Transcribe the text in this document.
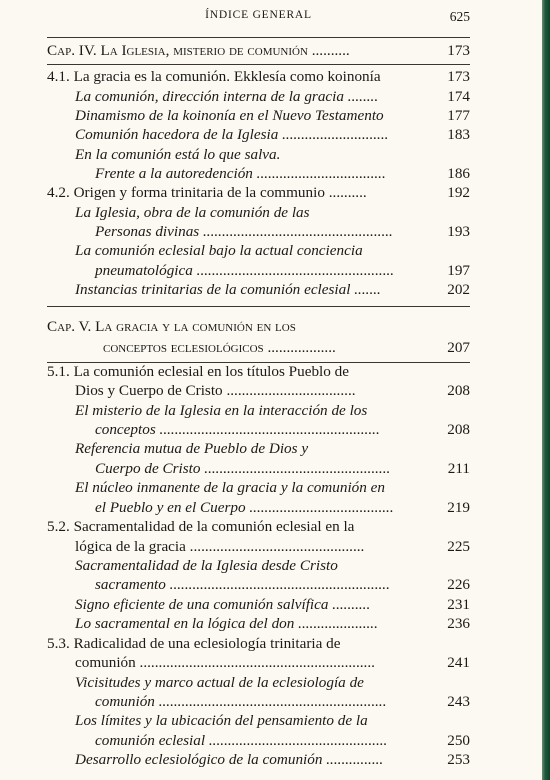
ÍNDICE GENERAL	625
Cap. IV. La Iglesia, misterio de comunión ..........	173
4.1. La gracia es la comunión. Ekklesía como koinonía	173
La comunión, dirección interna de la gracia ........	174
Dinamismo de la koinonía en el Nuevo Testamento	177
Comunión hacedora de la Iglesia ............................	183
En la comunión está lo que salva.
Frente a la autoredención ..................................	186
4.2. Origen y forma trinitaria de la communio ..........	192
La Iglesia, obra de la comunión de las
Personas divinas ..................................................	193
La comunión eclesial bajo la actual conciencia
pneumatológica ....................................................	197
Instancias trinitarias de la comunión eclesial .......	202
Cap. V. La gracia y la comunión en los
conceptos eclesiológicos ..................	207
5.1. La comunión eclesial en los títulos Pueblo de
Dios y Cuerpo de Cristo ..................................	208
El misterio de la Iglesia en la interacción de los
conceptos ..........................................................	208
Referencia mutua de Pueblo de Dios y
Cuerpo de Cristo .................................................	211
El núcleo inmanente de la gracia y la comunión en
el Pueblo y en el Cuerpo ......................................	219
5.2. Sacramentalidad de la comunión eclesial en la
lógica de la gracia ..............................................	225
Sacramentalidad de la Iglesia desde Cristo
sacramento ..........................................................	226
Signo eficiente de una comunión salvífica ..........	231
Lo sacramental en la lógica del don .....................	236
5.3. Radicalidad de una eclesiología trinitaria de
comunión ..............................................................	241
Vicisitudes y marco actual de la eclesiología de
comunión ............................................................	243
Los límites y la ubicación del pensamiento de la
comunión eclesial ...............................................	250
Desarrollo eclesiológico de la comunión ...............	253
